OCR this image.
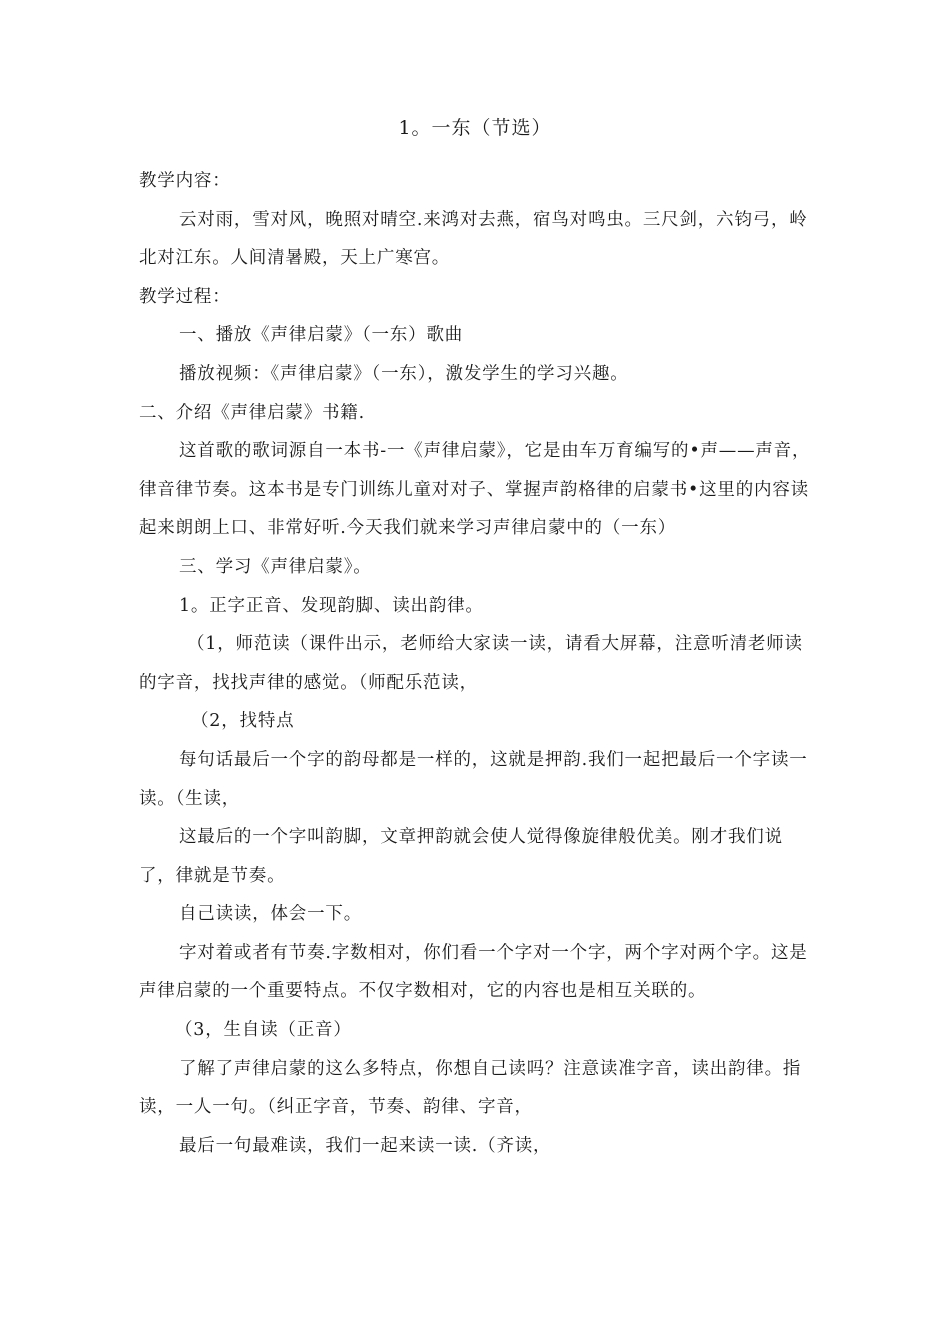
1。一东（节选）

教学内容：

云对雨，雪对风，晚照对晴空.来鸿对去燕，宿鸟对鸣虫。三尺剑，六钧弓，岭北对江东。人间清暑殿，天上广寒宫。

教学过程：

一、播放《声律启蒙》（一东）歌曲

播放视频：《声律启蒙》（一东），激发学生的学习兴趣。

二、介绍《声律启蒙》书籍.

这首歌的歌词源自一本书-一《声律启蒙》，它是由车万育编写的•声——声音，律音律节奏。这本书是专门训练儿童对对子、掌握声韵格律的启蒙书•这里的内容读起来朗朗上口、非常好听.今天我们就来学习声律启蒙中的（一东）

三、学习《声律启蒙》。

1。正字正音、发现韵脚、读出韵律。

（1，师范读（课件出示，老师给大家读一读，请看大屏幕，注意听清老师读的字音，找找声律的感觉。（师配乐范读，

（2，找特点

每句话最后一个字的韵母都是一样的，这就是押韵.我们一起把最后一个字读一读。（生读，

这最后的一个字叫韵脚，文章押韵就会使人觉得像旋律般优美。刚才我们说了，律就是节奏。

自己读读，体会一下。

字对着或者有节奏.字数相对，你们看一个字对一个字，两个字对两个字。这是声律启蒙的一个重要特点。不仅字数相对，它的内容也是相互关联的。

（3，生自读（正音）

了解了声律启蒙的这么多特点，你想自己读吗？注意读准字音，读出韵律。指读，一人一句。（纠正字音，节奏、韵律、字音，

最后一句最难读，我们一起来读一读.（齐读，
